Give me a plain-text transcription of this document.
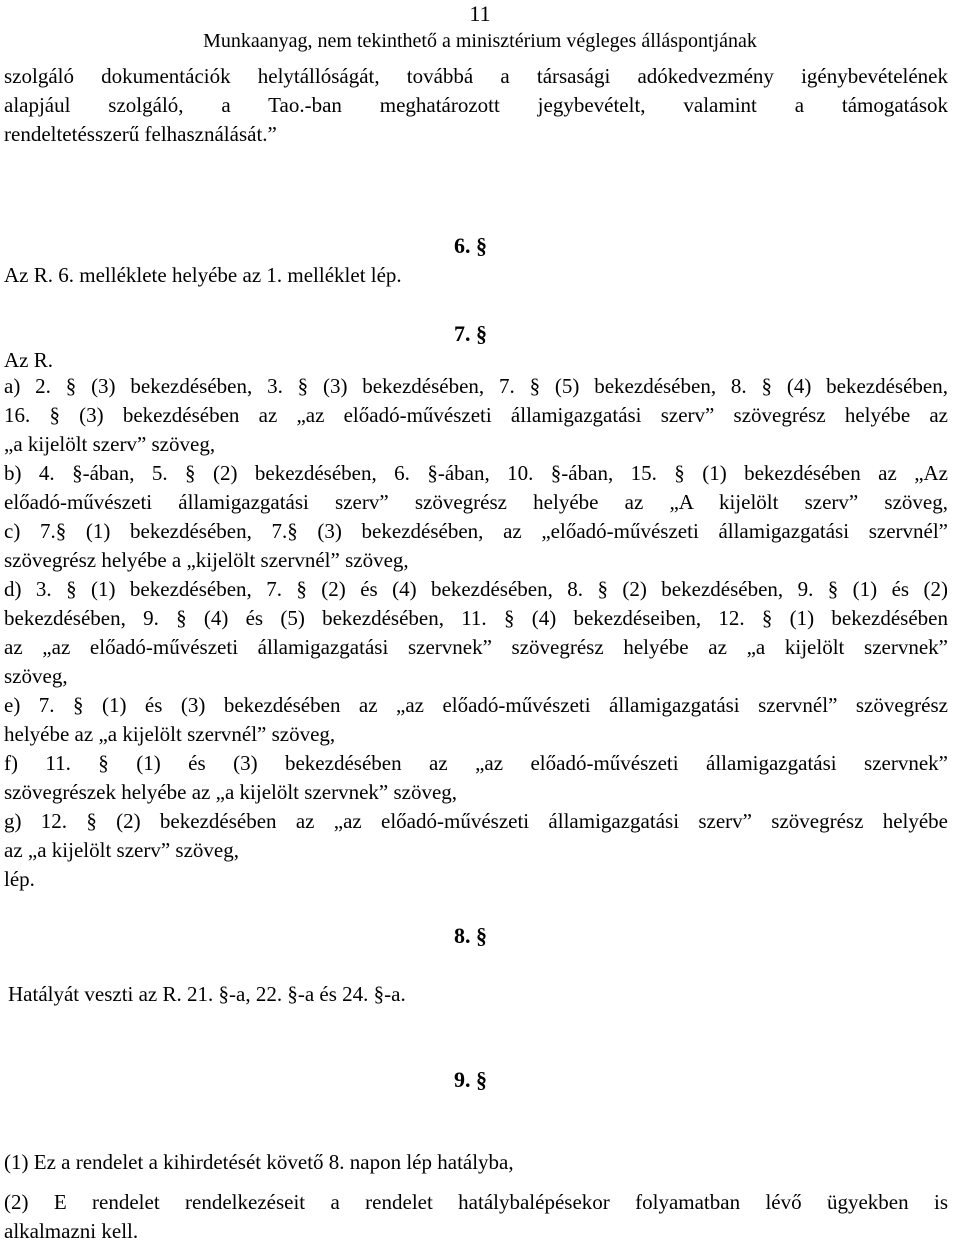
11
Munkaanyag, nem tekinthető a minisztérium végleges álláspontjának
szolgáló dokumentációk helytállóságát, továbbá a társasági adókedvezmény igénybevételének
alapjául szolgáló, a Tao.-ban meghatározott jegybevételt, valamint a támogatások
rendeltetésszerű felhasználását.”
6. §
Az R. 6. melléklete helyébe az 1. melléklet lép.
7. §
Az R.
a) 2. § (3) bekezdésében, 3. § (3) bekezdésében, 7. § (5) bekezdésében, 8. § (4) bekezdésében,
16. § (3) bekezdésében az „az előadó-művészeti államigazgatási szerv” szövegrész helyébe az
„a kijelölt szerv” szöveg,
b) 4. §-ában, 5. § (2) bekezdésében, 6. §-ában, 10. §-ában, 15. § (1) bekezdésében az „Az
előadó-művészeti államigazgatási szerv” szövegrész helyébe az „A kijelölt szerv” szöveg,
c) 7.§ (1) bekezdésében, 7.§ (3) bekezdésében, az „előadó-művészeti államigazgatási szervnél”
szövegrész helyébe a „kijelölt szervnél” szöveg,
d) 3. § (1) bekezdésében, 7. § (2) és (4) bekezdésében, 8. § (2) bekezdésében, 9. § (1) és (2)
bekezdésében, 9. § (4) és (5) bekezdésében, 11. § (4) bekezdéseiben, 12. § (1) bekezdésében
az „az előadó-művészeti államigazgatási szervnek” szövegrész helyébe az „a kijelölt szervnek”
szöveg,
e) 7. § (1) és (3) bekezdésében az „az előadó-művészeti államigazgatási szervnél” szövegrész
helyébe az „a kijelölt szervnél” szöveg,
f) 11. § (1) és (3) bekezdésében az „az előadó-művészeti államigazgatási szervnek”
szövegrészek helyébe az „a kijelölt szervnek” szöveg,
g) 12. § (2) bekezdésében az „az előadó-művészeti államigazgatási szerv” szövegrész helyébe
az „a kijelölt szerv” szöveg,
lép.
8. §
Hatályát veszti az R. 21. §-a, 22. §-a és 24. §-a.
9. §
(1) Ez a rendelet a kihirdetését követő 8. napon lép hatályba,
(2) E rendelet rendelkezéseit a rendelet hatálybalépésekor folyamatban lévő ügyekben is
alkalmazni kell.
